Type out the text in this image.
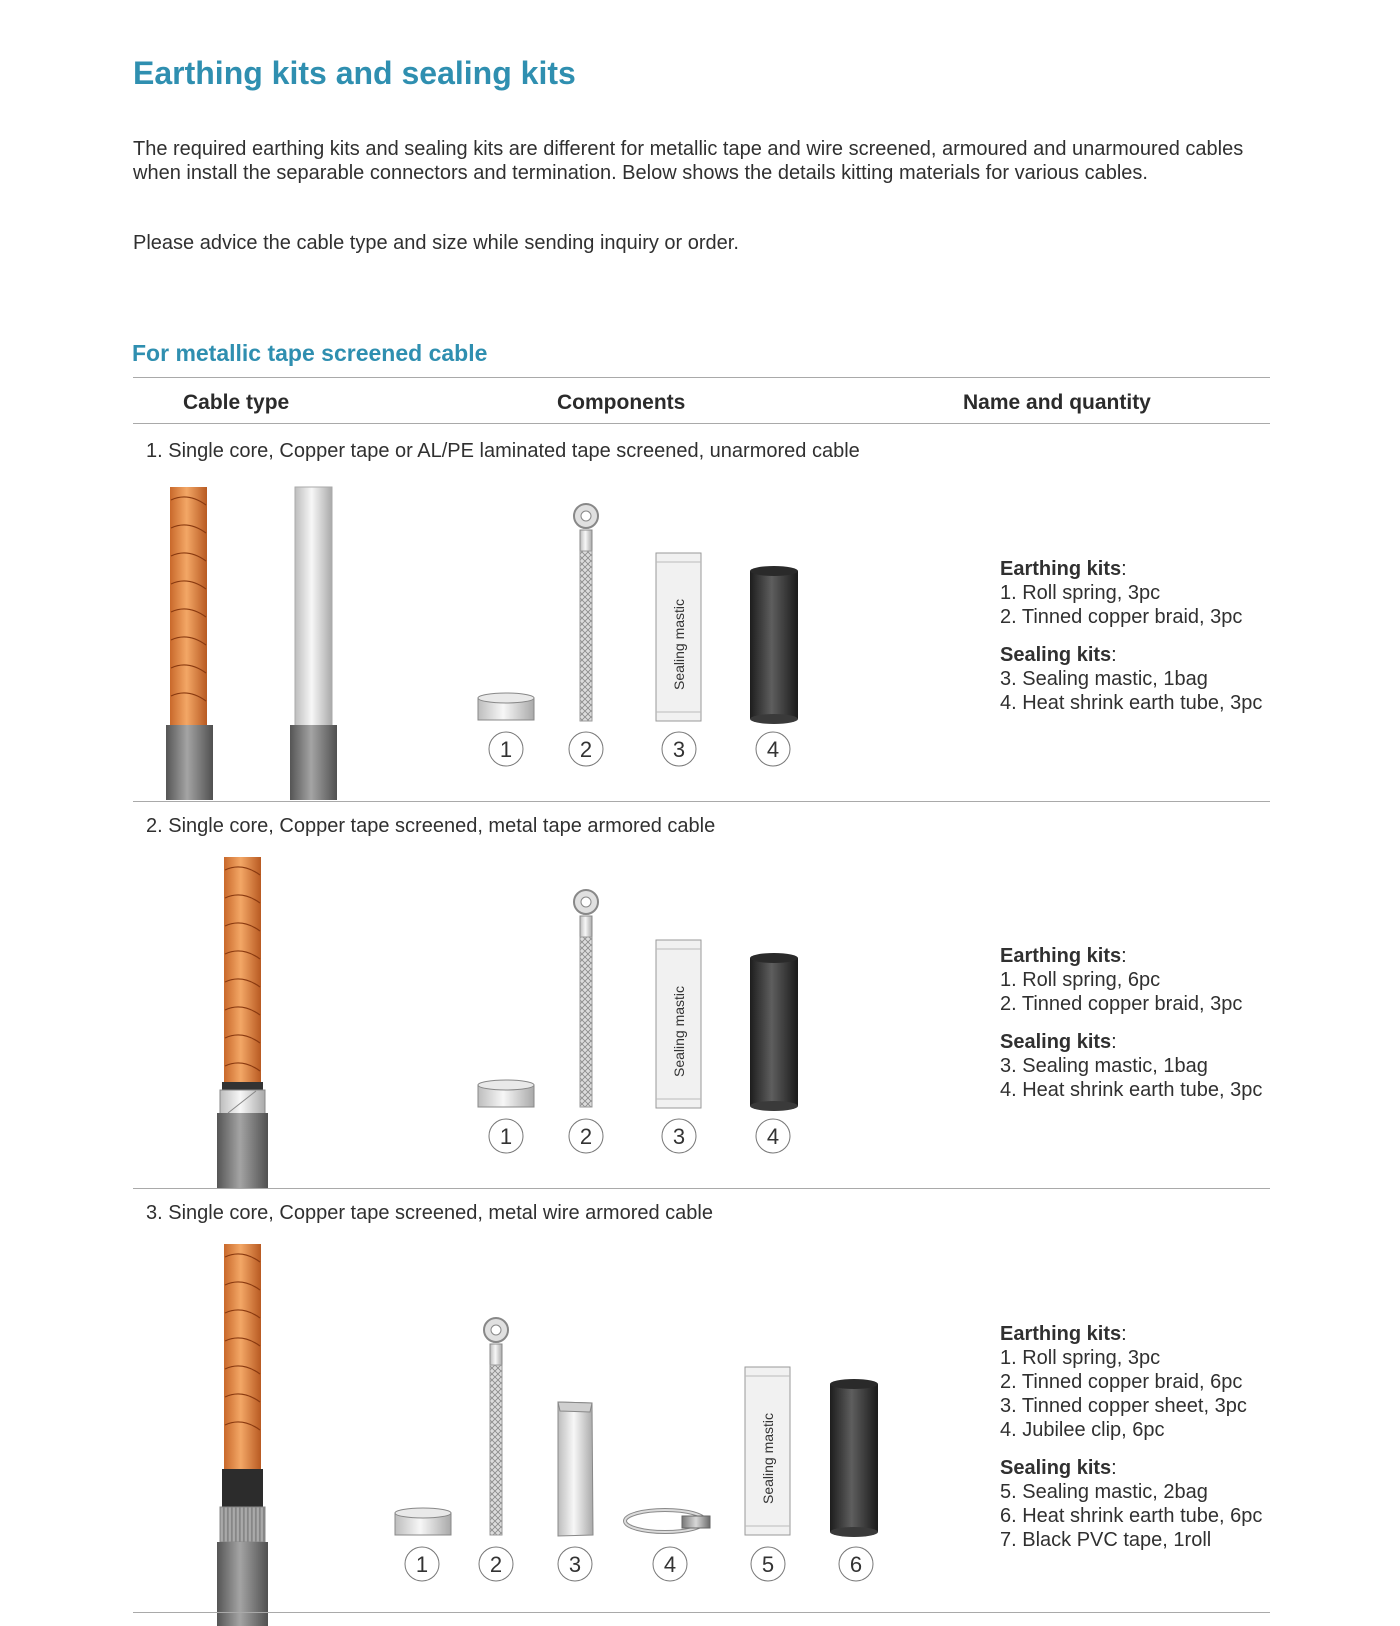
Earthing kits and sealing kits
The required earthing kits and sealing kits are different for metallic tape and wire screened, armoured and unarmoured cables when install the separable connectors and termination. Below shows the details kitting materials for various cables.
Please advice the cable type and size while sending inquiry or order.
For metallic tape screened cable
Cable type	Components	Name and quantity
1. Single core, Copper tape or AL/PE laminated tape screened, unarmored cable
Sealing mastic
1	2	3	4
Earthing kits:
1. Roll spring, 3pc
2. Tinned copper braid, 3pc
Sealing kits:
3. Sealing mastic, 1bag
4. Heat shrink earth tube, 3pc
2. Single core, Copper tape screened, metal tape armored cable
Sealing mastic
1	2	3	4
Earthing kits:
1. Roll spring, 6pc
2. Tinned copper braid, 3pc
Sealing kits:
3. Sealing mastic, 1bag
4. Heat shrink earth tube, 3pc
3. Single core, Copper tape screened, metal wire armored cable
Sealing mastic
1	2	3	4	5	6
Earthing kits:
1. Roll spring, 3pc
2. Tinned copper braid, 6pc
3. Tinned copper sheet, 3pc
4. Jubilee clip, 6pc
Sealing kits:
5. Sealing mastic, 2bag
6. Heat shrink earth tube, 6pc
7. Black PVC tape, 1roll
